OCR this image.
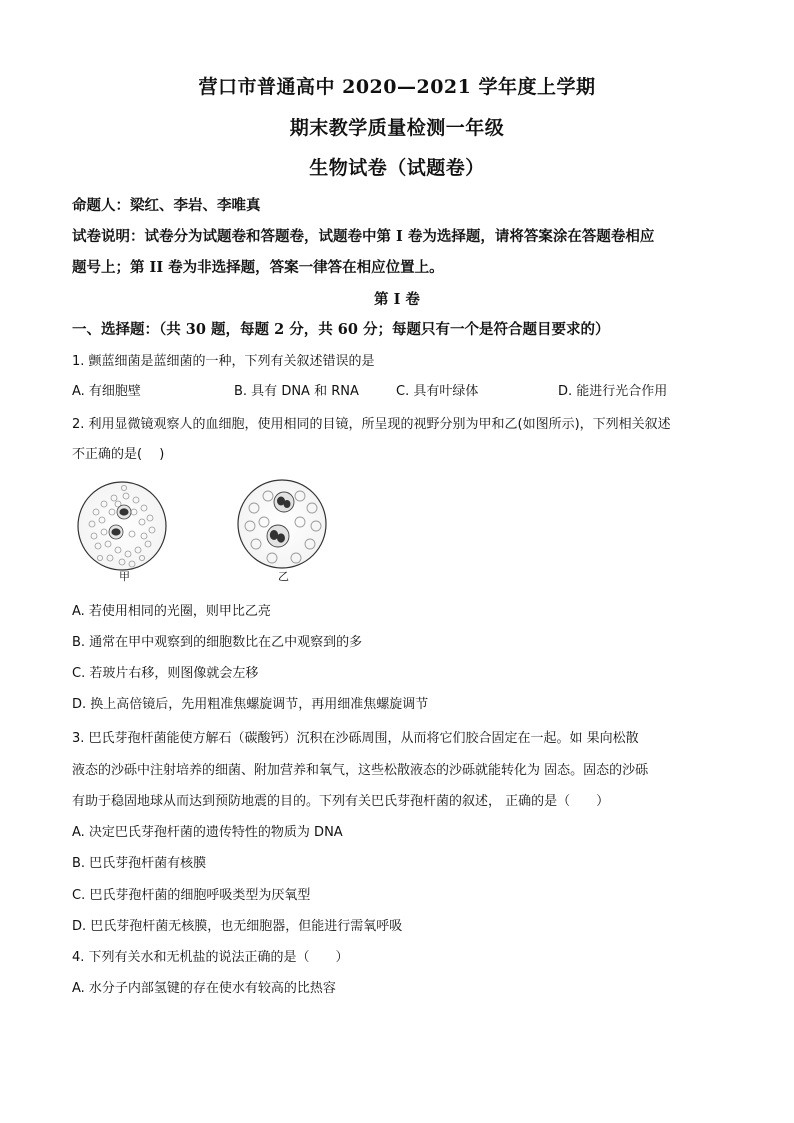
营口市普通高中 2020—2021 学年度上学期
期末教学质量检测一年级
生物试卷（试题卷）
命题人：梁红、李岩、李唯真
试卷说明：试卷分为试题卷和答题卷，试题卷中第 I 卷为选择题，请将答案涂在答题卷相应
题号上；第 II 卷为非选择题，答案一律答在相应位置上。
第 I 卷
一、选择题：（共 30 题，每题 2 分，共 60 分；每题只有一个是符合题目要求的）
1. 颤蓝细菌是蓝细菌的一种，下列有关叙述错误的是
A. 有细胞壁	B. 具有 DNA 和 RNA	C. 具有叶绿体	D. 能进行光合作用
2. 利用显微镜观察人的血细胞，使用相同的目镜，所呈现的视野分别为甲和乙(如图所示)，下列相关叙述
不正确的是(　 )
甲	乙
A. 若使用相同的光圈，则甲比乙亮
B. 通常在甲中观察到的细胞数比在乙中观察到的多
C. 若玻片右移，则图像就会左移
D. 换上高倍镜后，先用粗准焦螺旋调节，再用细准焦螺旋调节
3. 巴氏芽孢杆菌能使方解石（碳酸钙）沉积在沙砾周围，从而将它们胶合固定在一起。如 果向松散
液态的沙砾中注射培养的细菌、附加营养和氧气，这些松散液态的沙砾就能转化为 固态。固态的沙砾
有助于稳固地球从而达到预防地震的目的。下列有关巴氏芽孢杆菌的叙述， 正确的是（　　）
A. 决定巴氏芽孢杆菌的遗传特性的物质为 DNA
B. 巴氏芽孢杆菌有核膜
C. 巴氏芽孢杆菌的细胞呼吸类型为厌氧型
D. 巴氏芽孢杆菌无核膜，也无细胞器，但能进行需氧呼吸
4. 下列有关水和无机盐的说法正确的是（　　）
A. 水分子内部氢键的存在使水有较高的比热容
